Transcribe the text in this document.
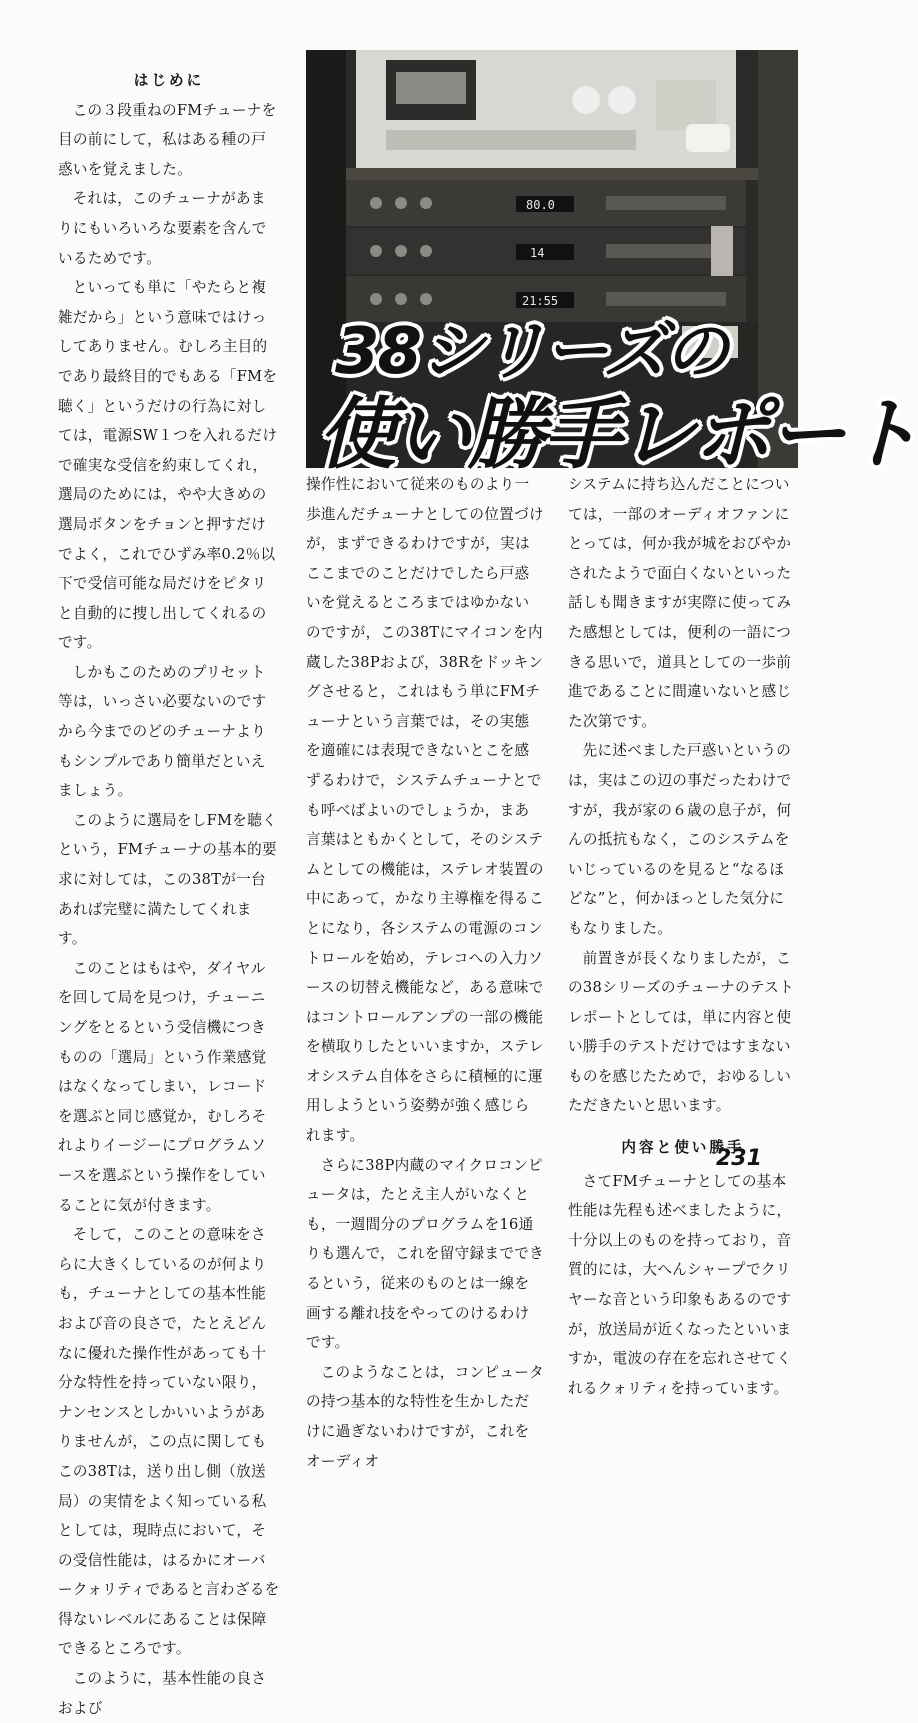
はじめに

この３段重ねのFMチューナを目の前にして，私はある種の戸惑いを覚えました。

それは，このチューナがあまりにもいろいろな要素を含んでいるためです。

といっても単に「やたらと複雑だから」という意味ではけっしてありません。むしろ主目的であり最終目的でもある「FMを聴く」というだけの行為に対しては，電源SW１つを入れるだけで確実な受信を約束してくれ，選局のためには，やや大きめの選局ボタンをチョンと押すだけでよく，これでひずみ率0.2％以下で受信可能な局だけをピタリと自動的に捜し出してくれるのです。

しかもこのためのプリセット等は，いっさい必要ないのですから今までのどのチューナよりもシンプルであり簡単だといえましょう。

このように選局をしFMを聴くという，FMチューナの基本的要求に対しては，この38Tが一台あれば完璧に満たしてくれます。

このことはもはや，ダイヤルを回して局を見つけ，チューニングをとるという受信機につきものの「選局」という作業感覚はなくなってしまい，レコードを選ぶと同じ感覚か，むしろそれよりイージーにプログラムソースを選ぶという操作をしていることに気が付きます。

そして，このことの意味をさらに大きくしているのが何よりも，チューナとしての基本性能および音の良さで，たとえどんなに優れた操作性があっても十分な特性を持っていない限り，ナンセンスとしかいいようがありませんが，この点に関してもこの38Tは，送り出し側（放送局）の実情をよく知っている私としては，現時点において，その受信性能は，はるかにオーバークォリティであると言わざるを得ないレベルにあることは保障できるところです。

このように，基本性能の良さおよび

80.0
14
21:55
38シリーズの
使い勝手レポート

操作性において従来のものより一歩進んだチューナとしての位置づけが，まずできるわけですが，実はここまでのことだけでしたら戸惑いを覚えるところまではゆかないのですが，この38Tにマイコンを内蔵した38Pおよび，38Rをドッキングさせると，これはもう単にFMチューナという言葉では，その実態を適確には表現できないとこを感ずるわけで，システムチューナとでも呼べばよいのでしょうか，まあ言葉はともかくとして，そのシステムとしての機能は，ステレオ装置の中にあって，かなり主導権を得ることになり，各システムの電源のコントロールを始め，テレコへの入力ソースの切替え機能など，ある意味ではコントロールアンプの一部の機能を横取りしたといいますか，ステレオシステム自体をさらに積極的に運用しようという姿勢が強く感じられます。

さらに38P内蔵のマイクロコンピュータは，たとえ主人がいなくとも，一週間分のプログラムを16通りも選んで，これを留守録までできるという，従来のものとは一線を画する離れ技をやってのけるわけです。

このようなことは，コンピュータの持つ基本的な特性を生かしただけに過ぎないわけですが，これをオーディオ

システムに持ち込んだことについては，一部のオーディオファンにとっては，何か我が城をおびやかされたようで面白くないといった話しも聞きますが実際に使ってみた感想としては，便利の一語につきる思いで，道具としての一歩前進であることに間違いないと感じた次第です。

先に述べました戸惑いというのは，実はこの辺の事だったわけですが，我が家の６歳の息子が，何んの抵抗もなく，このシステムをいじっているのを見ると“なるほどな”と，何かほっとした気分にもなりました。

前置きが長くなりましたが，この38シリーズのチューナのテストレポートとしては，単に内容と使い勝手のテストだけではすまないものを感じたためで，おゆるしいただきたいと思います。

内容と使い勝手

さてFMチューナとしての基本性能は先程も述べましたように，十分以上のものを持っており，音質的には，大へんシャープでクリヤーな音という印象もあるのですが，放送局が近くなったといいますか，電波の存在を忘れさせてくれるクォリティを持っています。

231
